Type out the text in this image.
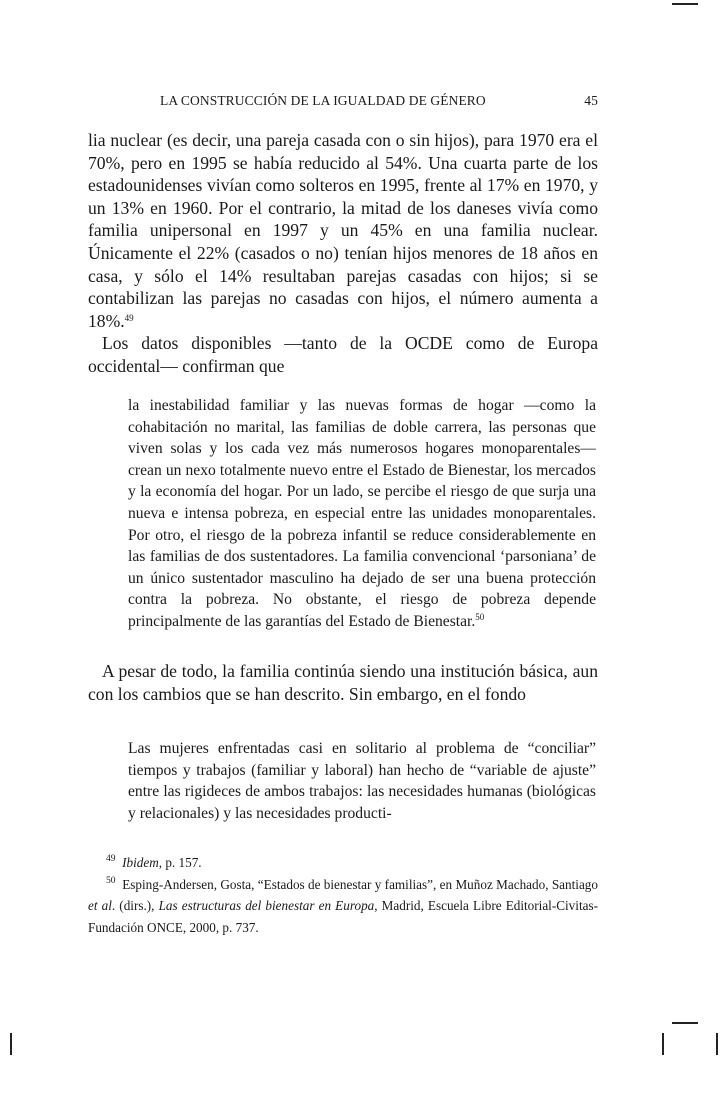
LA CONSTRUCCIÓN DE LA IGUALDAD DE GÉNERO	45

lia nuclear (es decir, una pareja casada con o sin hijos), para 1970 era el 70%, pero en 1995 se había reducido al 54%. Una cuarta parte de los estadounidenses vivían como solteros en 1995, frente al 17% en 1970, y un 13% en 1960. Por el contrario, la mitad de los daneses vivía como familia unipersonal en 1997 y un 45% en una familia nuclear. Únicamente el 22% (casados o no) tenían hijos menores de 18 años en casa, y sólo el 14% resultaban parejas casadas con hijos; si se contabilizan las parejas no casadas con hijos, el número aumenta a 18%.$^{49}$

Los datos disponibles —tanto de la OCDE como de Europa occidental— confirman que

la inestabilidad familiar y las nuevas formas de hogar —como la cohabitación no marital, las familias de doble carrera, las personas que viven solas y los cada vez más numerosos hogares monoparentales— crean un nexo totalmente nuevo entre el Estado de Bienestar, los mercados y la economía del hogar. Por un lado, se percibe el riesgo de que surja una nueva e intensa pobreza, en especial entre las unidades monoparentales. Por otro, el riesgo de la pobreza infantil se reduce considerablemente en las familias de dos sustentadores. La familia convencional ‘parsoniana’ de un único sustentador masculino ha dejado de ser una buena protección contra la pobreza. No obstante, el riesgo de pobreza depende principalmente de las garantías del Estado de Bienestar.$^{50}$

A pesar de todo, la familia continúa siendo una institución básica, aun con los cambios que se han descrito. Sin embargo, en el fondo

Las mujeres enfrentadas casi en solitario al problema de “conciliar” tiempos y trabajos (familiar y laboral) han hecho de “variable de ajuste” entre las rigideces de ambos trabajos: las necesidades humanas (biológicas y relacionales) y las necesidades producti-

$^{49}$ Ibidem, p. 157.

$^{50}$ Esping-Andersen, Gosta, “Estados de bienestar y familias”, en Muñoz Machado, Santiago et al. (dirs.), Las estructuras del bienestar en Europa, Madrid, Escuela Libre Editorial-Civitas-Fundación ONCE, 2000, p. 737.
